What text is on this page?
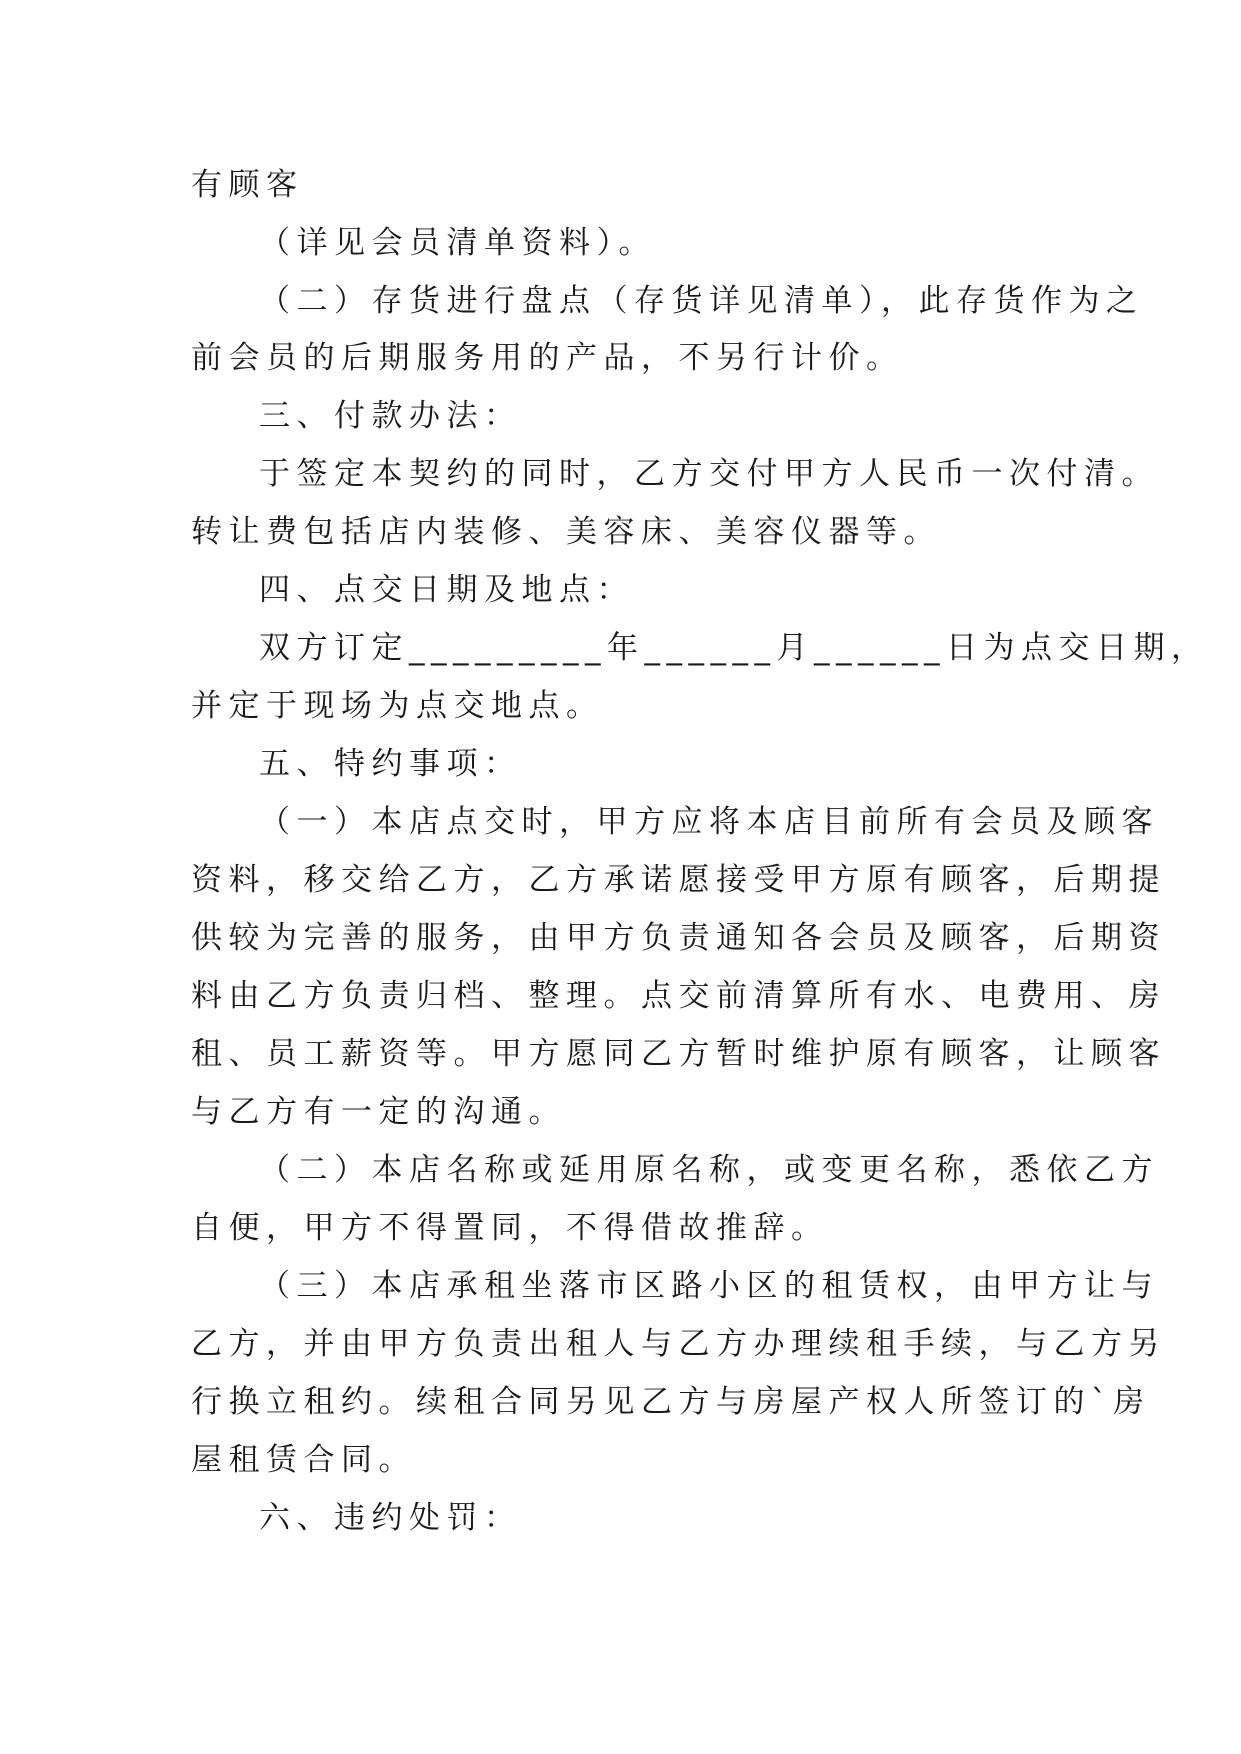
有顾客
（详见会员清单资料）。
（二）存货进行盘点（存货详见清单），此存货作为之
前会员的后期服务用的产品，不另行计价。
三、付款办法：
于签定本契约的同时，乙方交付甲方人民币一次付清。
转让费包括店内装修、美容床、美容仪器等。
四、点交日期及地点：
双方订定_________年______月______日为点交日期，
并定于现场为点交地点。
五、特约事项：
（一）本店点交时，甲方应将本店目前所有会员及顾客
资料，移交给乙方，乙方承诺愿接受甲方原有顾客，后期提
供较为完善的服务，由甲方负责通知各会员及顾客，后期资
料由乙方负责归档、整理。点交前清算所有水、电费用、房
租、员工薪资等。甲方愿同乙方暂时维护原有顾客，让顾客
与乙方有一定的沟通。
（二）本店名称或延用原名称，或变更名称，悉依乙方
自便，甲方不得置同，不得借故推辞。
（三）本店承租坐落市区路小区的租赁权，由甲方让与
乙方，并由甲方负责出租人与乙方办理续租手续，与乙方另
行换立租约。续租合同另见乙方与房屋产权人所签订的`房
屋租赁合同。
六、违约处罚：
